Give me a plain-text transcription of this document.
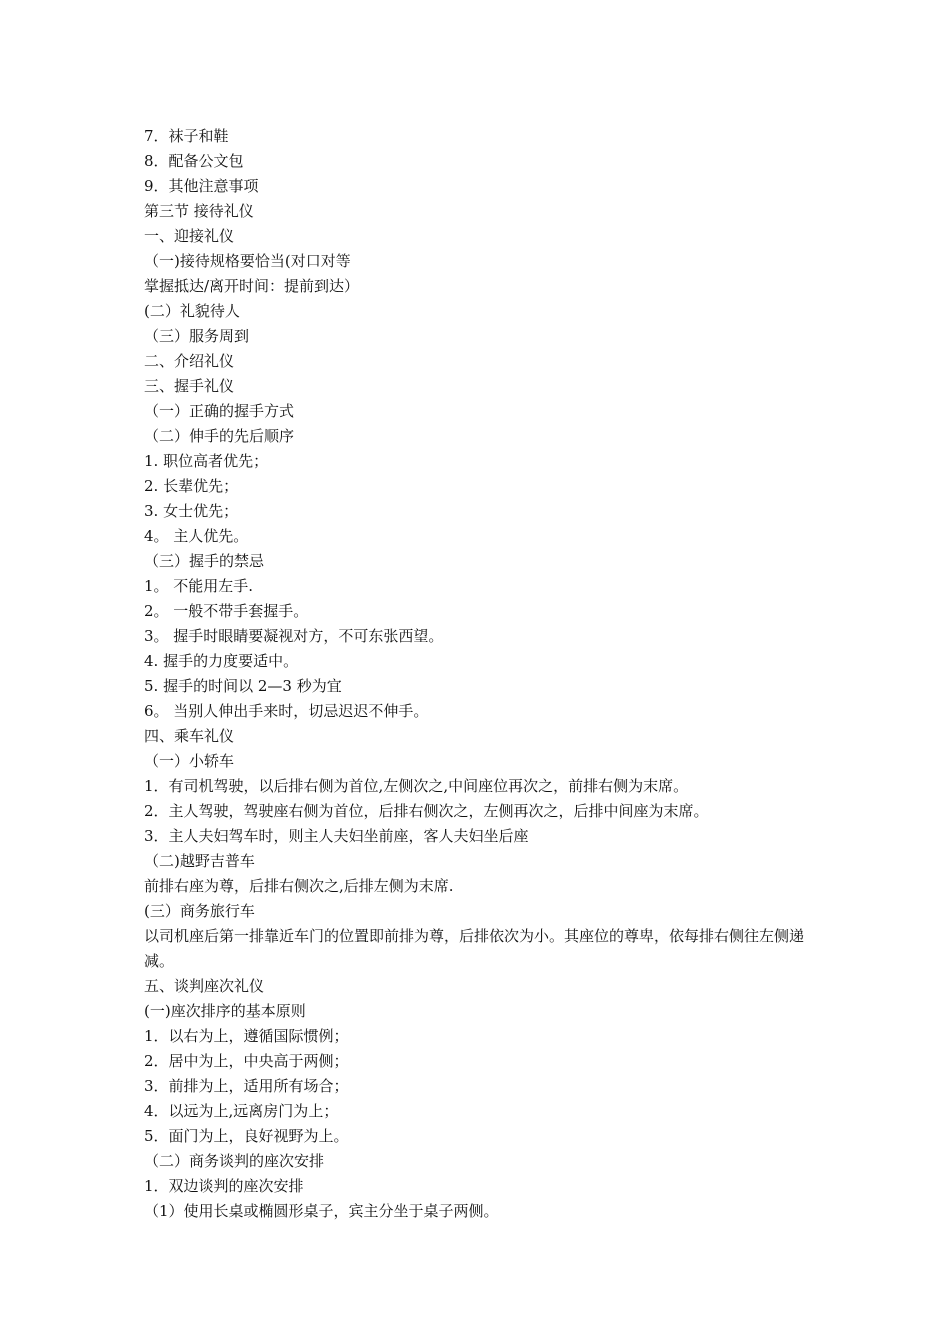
7．袜子和鞋
8．配备公文包
9．其他注意事项
第三节 接待礼仪
一、迎接礼仪
（一)接待规格要恰当(对口对等
掌握抵达/离开时间：提前到达）
(二）礼貌待人
（三）服务周到
二、介绍礼仪
三、握手礼仪
（一）正确的握手方式
（二）伸手的先后顺序
1. 职位高者优先；
2. 长辈优先；
3. 女士优先；
4。 主人优先。
（三）握手的禁忌
1。 不能用左手.
2。 一般不带手套握手。
3。 握手时眼睛要凝视对方，不可东张西望。
4. 握手的力度要适中。
5. 握手的时间以 2—3 秒为宜
6。 当别人伸出手来时，切忌迟迟不伸手。
四、乘车礼仪
（一）小轿车
1．有司机驾驶，以后排右侧为首位,左侧次之,中间座位再次之，前排右侧为末席。
2．主人驾驶，驾驶座右侧为首位，后排右侧次之，左侧再次之，后排中间座为末席。
3．主人夫妇驾车时，则主人夫妇坐前座，客人夫妇坐后座
（二)越野吉普车
前排右座为尊，后排右侧次之,后排左侧为末席.
(三）商务旅行车
以司机座后第一排靠近车门的位置即前排为尊，后排依次为小。其座位的尊卑，依每排右侧往左侧递减。
五、谈判座次礼仪
(一)座次排序的基本原则
1．以右为上，遵循国际惯例；
2．居中为上，中央高于两侧；
3．前排为上，适用所有场合；
4．以远为上,远离房门为上；
5．面门为上，良好视野为上。
（二）商务谈判的座次安排
1．双边谈判的座次安排
（1）使用长桌或椭圆形桌子，宾主分坐于桌子两侧。
